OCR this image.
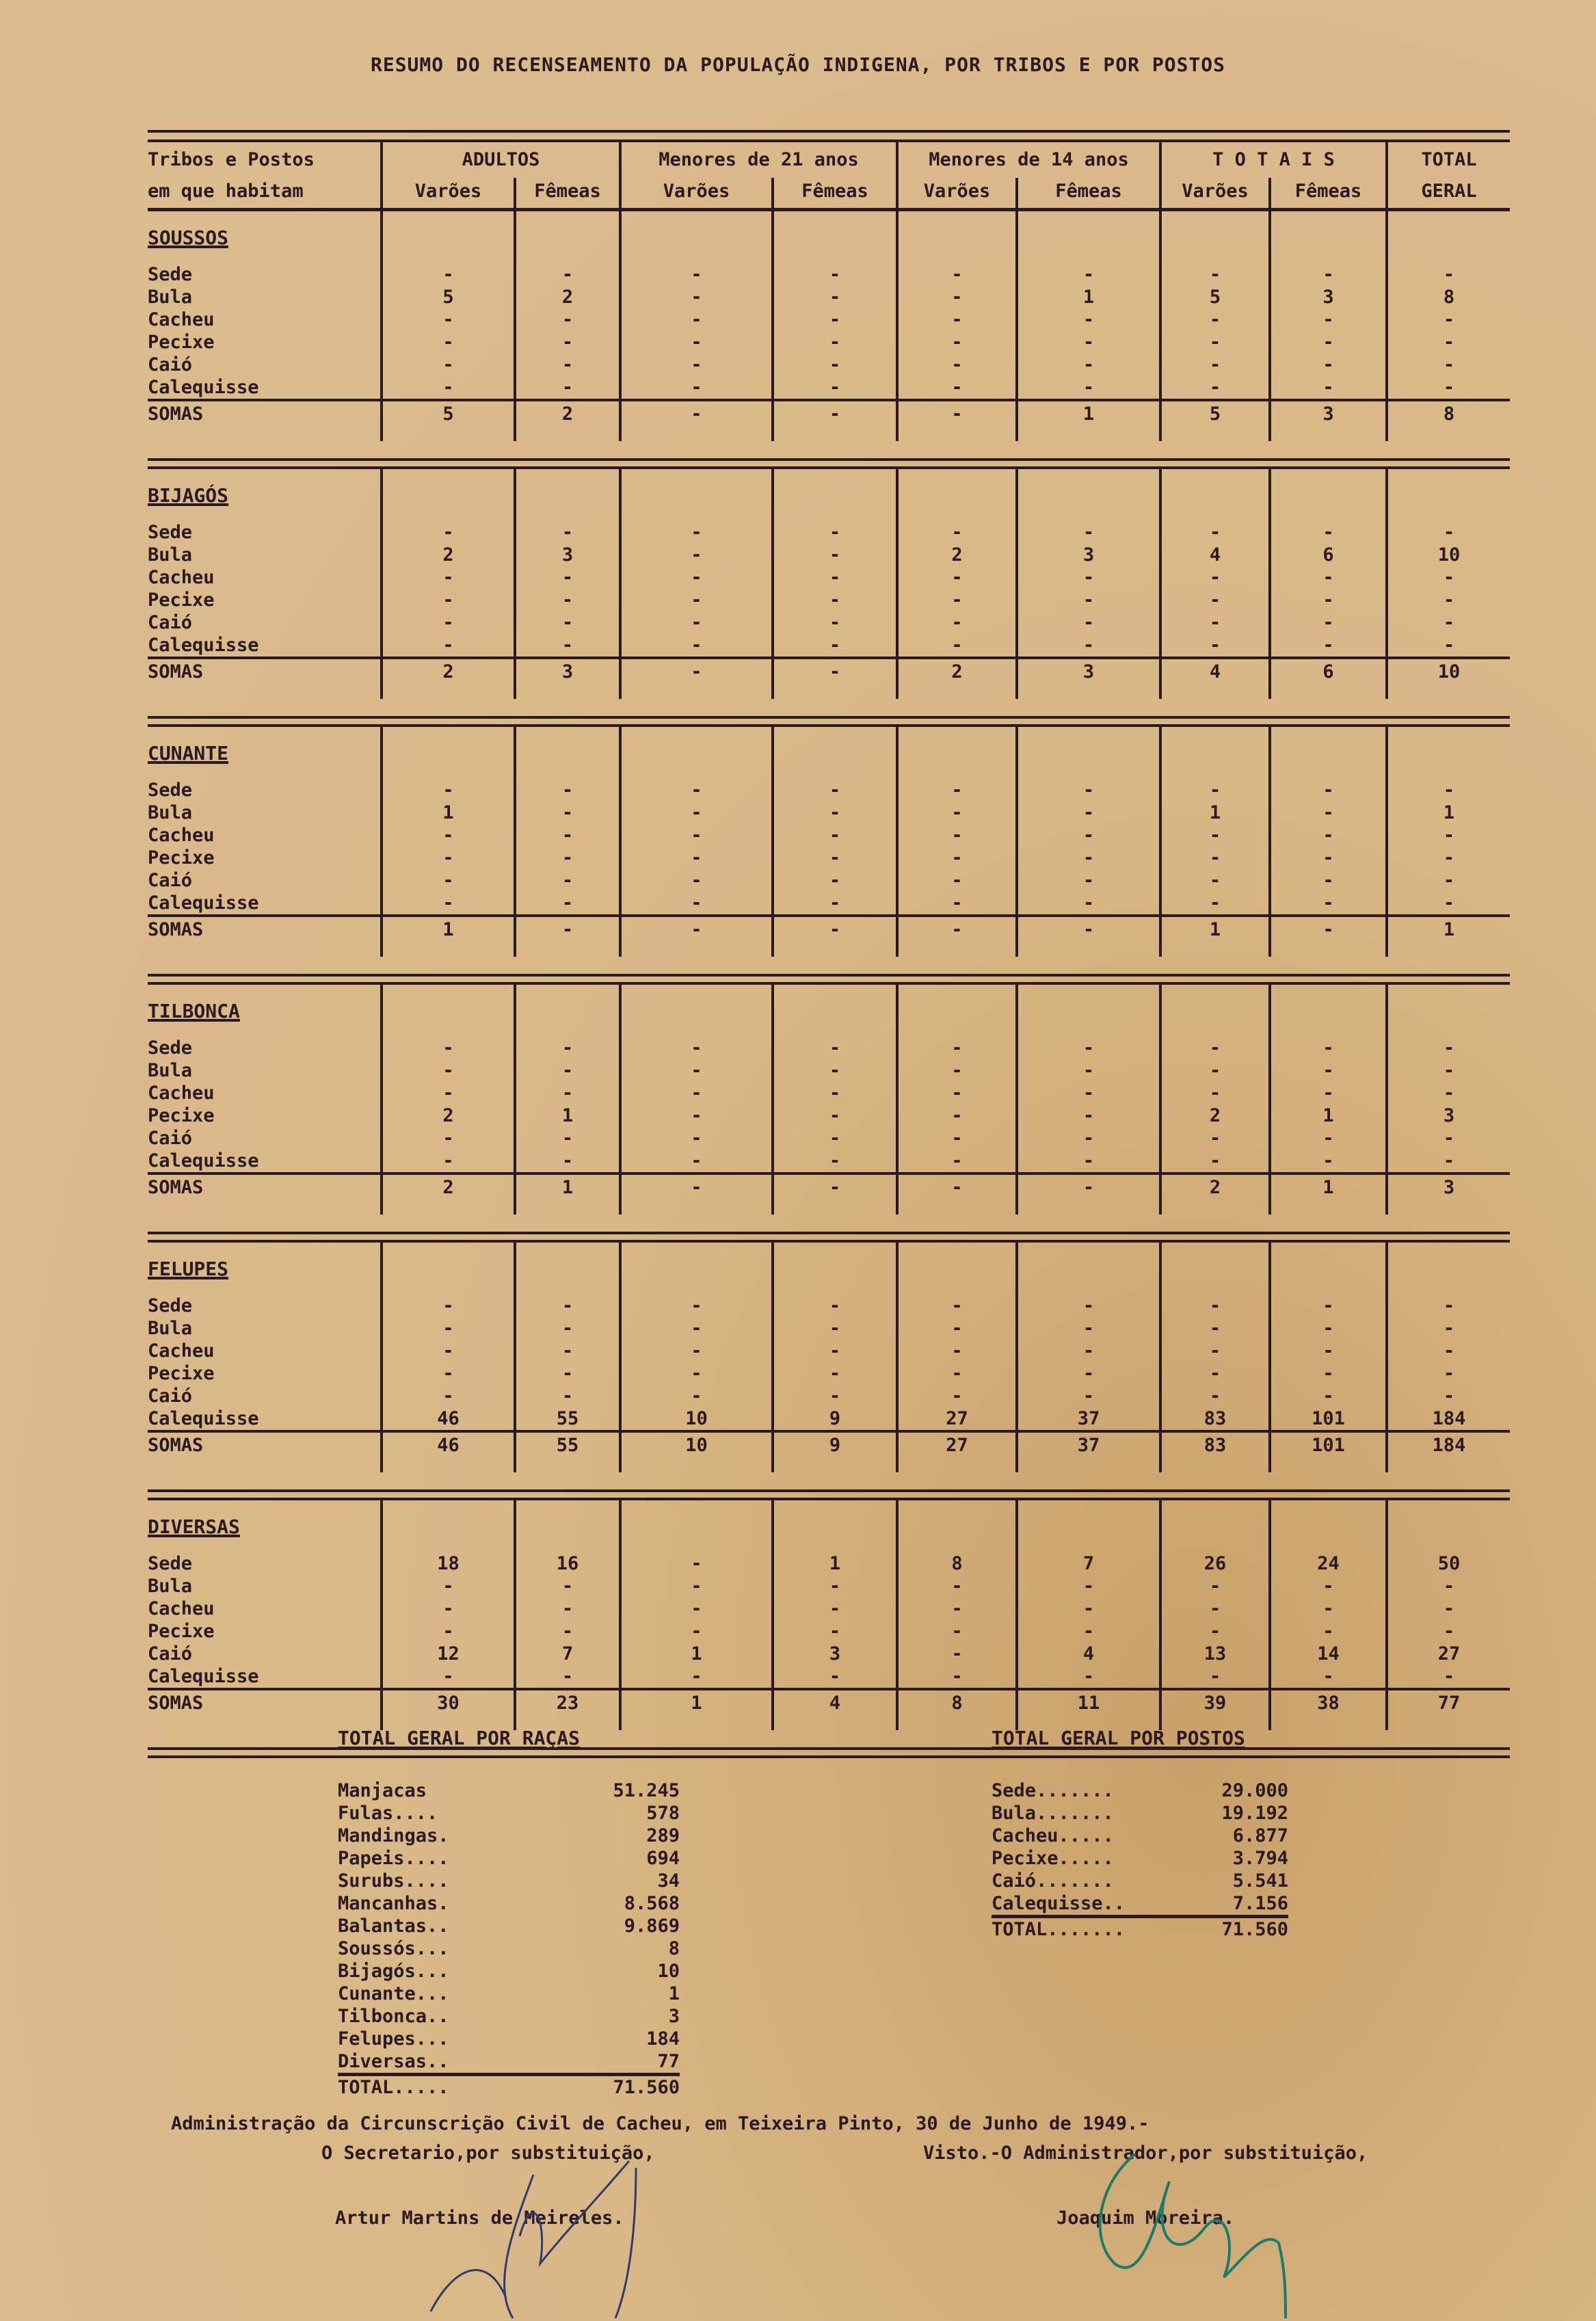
RESUMO DO RECENSEAMENTO DA POPULAÇÃO INDIGENA, POR TRIBOS E POR POSTOS
Tribos e Postos	ADULTOS	Menores de 21 anos	Menores de 14 anos	T O T A I S	TOTAL
em que habitam	Varões	Fêmeas	Varões	Fêmeas	Varões	Fêmeas	Varões	Fêmeas	GERAL
SOUSSOS
Sede	-	-	-	-	-	-	-	-	-
Bula	5	2	-	-	-	1	5	3	8
Cacheu	-	-	-	-	-	-	-	-	-
Pecixe	-	-	-	-	-	-	-	-	-
Caió	-	-	-	-	-	-	-	-	-
Calequisse	-	-	-	-	-	-	-	-	-
SOMAS	5	2	-	-	-	1	5	3	8
BIJAGÓS
Sede	-	-	-	-	-	-	-	-	-
Bula	2	3	-	-	2	3	4	6	10
Cacheu	-	-	-	-	-	-	-	-	-
Pecixe	-	-	-	-	-	-	-	-	-
Caió	-	-	-	-	-	-	-	-	-
Calequisse	-	-	-	-	-	-	-	-	-
SOMAS	2	3	-	-	2	3	4	6	10
CUNANTE
Sede	-	-	-	-	-	-	-	-	-
Bula	1	-	-	-	-	-	1	-	1
Cacheu	-	-	-	-	-	-	-	-	-
Pecixe	-	-	-	-	-	-	-	-	-
Caió	-	-	-	-	-	-	-	-	-
Calequisse	-	-	-	-	-	-	-	-	-
SOMAS	1	-	-	-	-	-	1	-	1
TILBONCA
Sede	-	-	-	-	-	-	-	-	-
Bula	-	-	-	-	-	-	-	-	-
Cacheu	-	-	-	-	-	-	-	-	-
Pecixe	2	1	-	-	-	-	2	1	3
Caió	-	-	-	-	-	-	-	-	-
Calequisse	-	-	-	-	-	-	-	-	-
SOMAS	2	1	-	-	-	-	2	1	3
FELUPES
Sede	-	-	-	-	-	-	-	-	-
Bula	-	-	-	-	-	-	-	-	-
Cacheu	-	-	-	-	-	-	-	-	-
Pecixe	-	-	-	-	-	-	-	-	-
Caió	-	-	-	-	-	-	-	-	-
Calequisse	46	55	10	9	27	37	83	101	184
SOMAS	46	55	10	9	27	37	83	101	184
DIVERSAS
Sede	18	16	-	1	8	7	26	24	50
Bula	-	-	-	-	-	-	-	-	-
Cacheu	-	-	-	-	-	-	-	-	-
Pecixe	-	-	-	-	-	-	-	-	-
Caió	12	7	1	3	-	4	13	14	27
Calequisse	-	-	-	-	-	-	-	-	-
SOMAS	30	23	1	4	8	11	39	38	77
TOTAL GERAL POR RAÇAS
Manjacas	51.245
Fulas....	578
Mandingas.	289
Papeis....	694
Surubs....	34
Mancanhas.	8.568
Balantas..	9.869
Soussós...	8
Bijagós...	10
Cunante...	1
Tilbonca..	3
Felupes...	184
Diversas..	77
TOTAL.....	71.560
TOTAL GERAL POR POSTOS
Sede.......	29.000
Bula.......	19.192
Cacheu.....	6.877
Pecixe.....	3.794
Caió.......	5.541
Calequisse..	7.156
TOTAL.......	71.560
Administração da Circunscrição Civil de Cacheu, em Teixeira Pinto, 30 de Junho de 1949.-
O Secretario,por substituição,	Visto.-O Administrador,por substituição,
Artur Martins de Meireles.	Joaquim Moreira.
